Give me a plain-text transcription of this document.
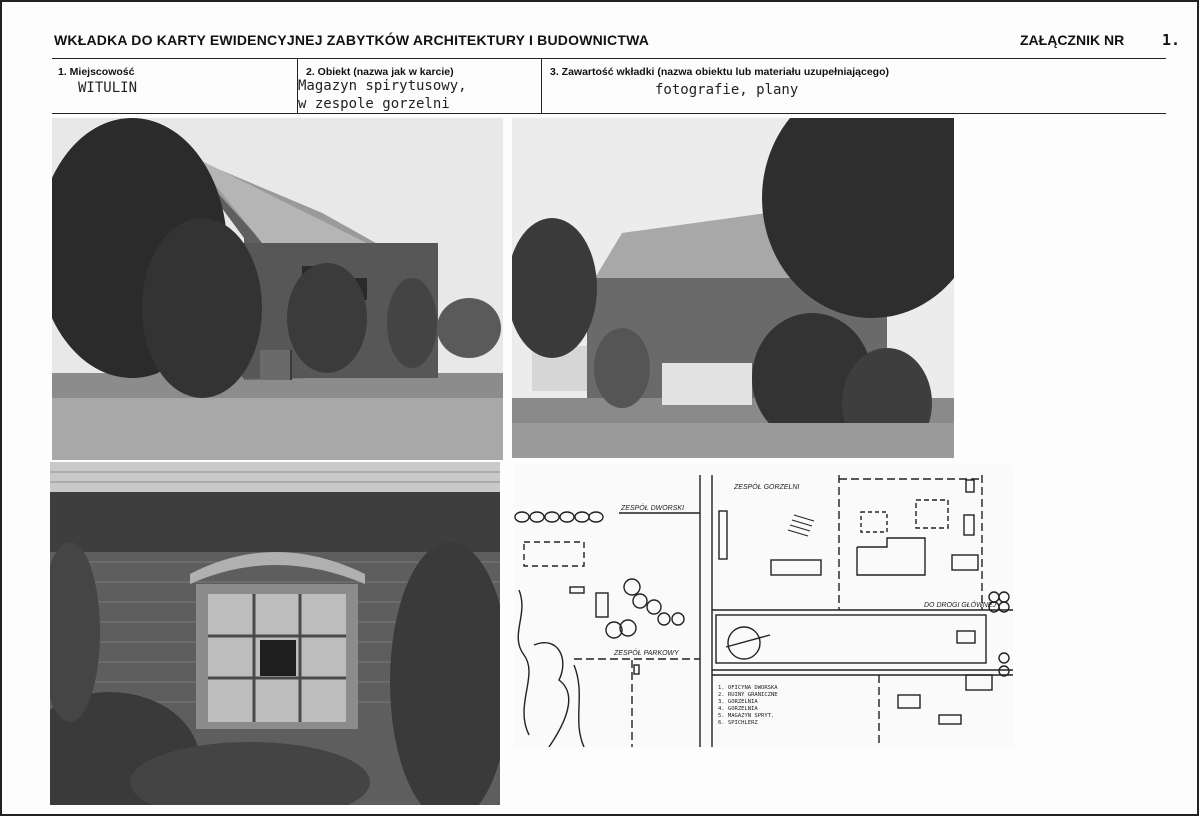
WKŁADKA DO KARTY EWIDENCYJNEJ ZABYTKÓW ARCHITEKTURY I BUDOWNICTWA	ZAŁĄCZNIK NR	1.
1. Miejscowość
WITULIN
2. Obiekt (nazwa jak w karcie)
Magazyn spirytusowy,
w zespole gorzelni
3. Zawartość wkładki (nazwa obiektu lub materiału uzupełniającego)
fotografie, plany
ZESPÓŁ DWORSKI
ZESPÓŁ GORZELNI
ZESPÓŁ PARKOWY
DO DROGI GŁÓWNEJ
1. OFICYNA DWORSKA
2. RUINY GRANICZNE
3. GORZELNIA
4. GORZELNIA
5. MAGAZYN SPRYT.
6. SPICHLERZ
